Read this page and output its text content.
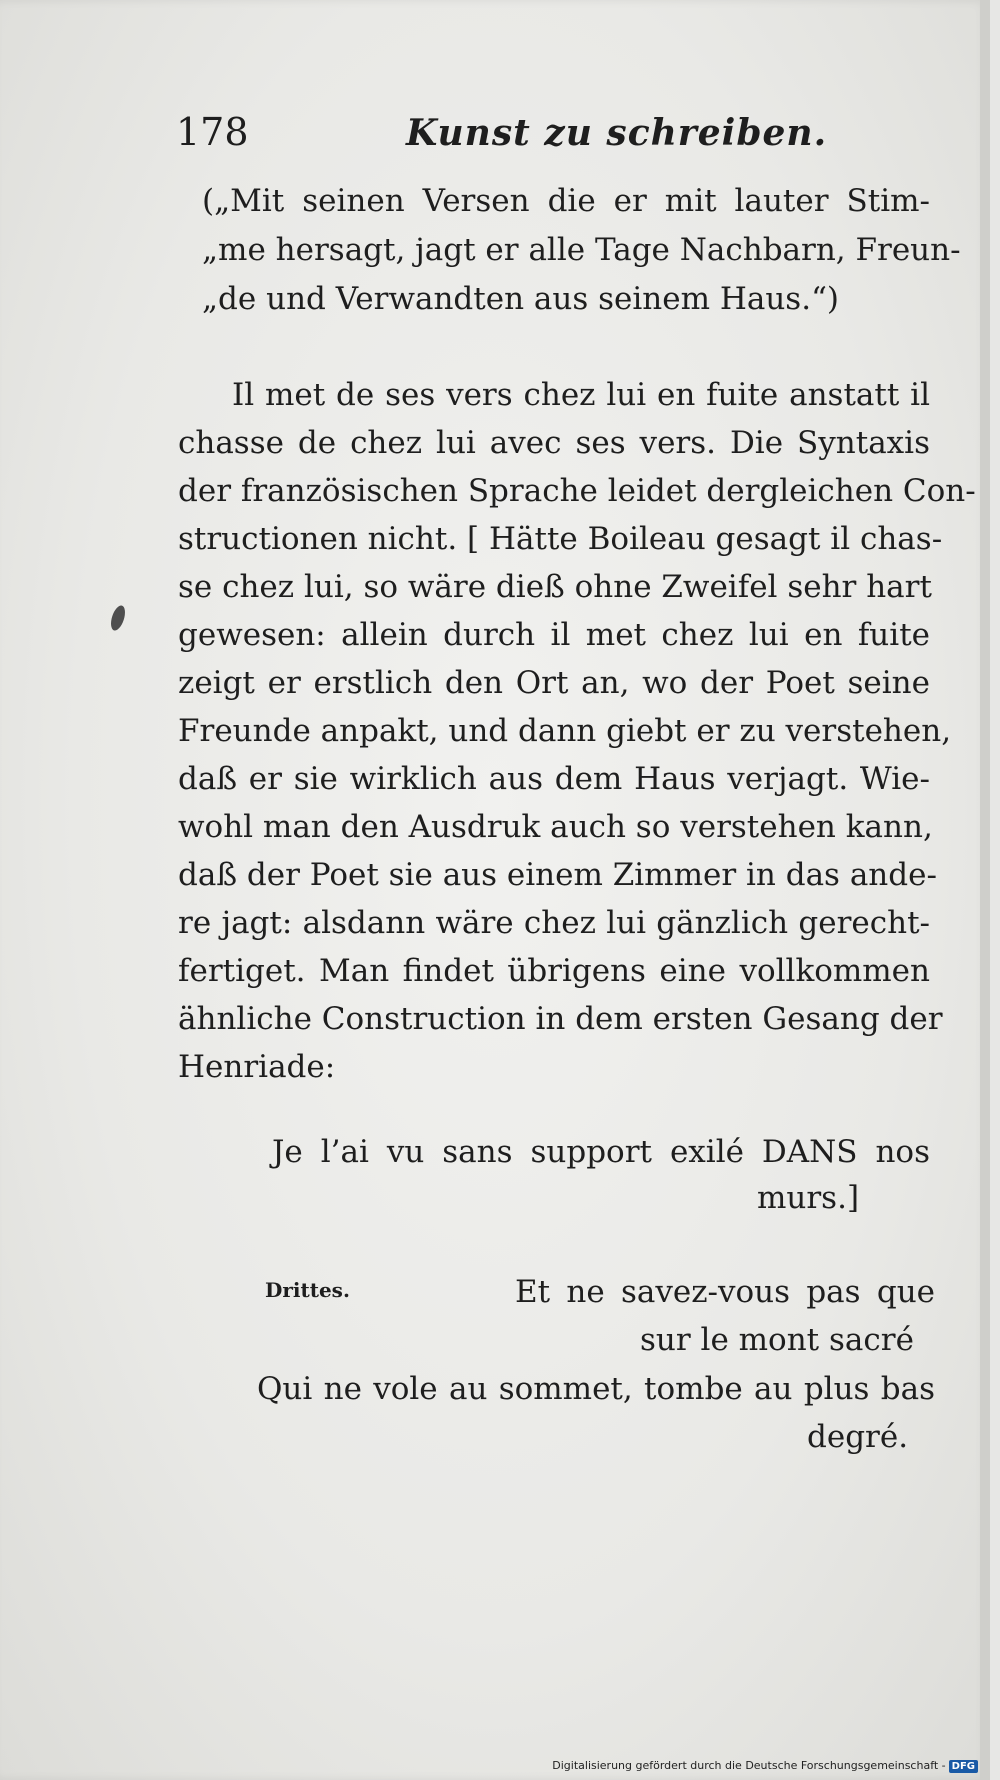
178	Kunst zu schreiben.
(„Mit seinen Versen die er mit lauter Stim-
„me hersagt, jagt er alle Tage Nachbarn, Freun-
„de und Verwandten aus seinem Haus.“)
Il met de ses vers chez lui en fuite anstatt il
chasse de chez lui avec ses vers. Die Syntaxis
der französischen Sprache leidet dergleichen Con-
structionen nicht. [ Hätte Boileau gesagt il chas-
se chez lui, so wäre dieß ohne Zweifel sehr hart
gewesen: allein durch il met chez lui en fuite
zeigt er erstlich den Ort an, wo der Poet seine
Freunde anpakt, und dann giebt er zu verstehen,
daß er sie wirklich aus dem Haus verjagt. Wie-
wohl man den Ausdruk auch so verstehen kann,
daß der Poet sie aus einem Zimmer in das ande-
re jagt: alsdann wäre chez lui gänzlich gerecht-
fertiget. Man findet übrigens eine vollkommen
ähnliche Construction in dem ersten Gesang der
Henriade:
Je l’ai vu sans support exilé DANS nos
murs.]
Drittes.	Et ne savez-vous pas que
sur le mont sacré
Qui ne vole au sommet, tombe au plus bas
degré.
Digitalisierung gefördert durch die Deutsche Forschungsgemeinschaft - DFG
